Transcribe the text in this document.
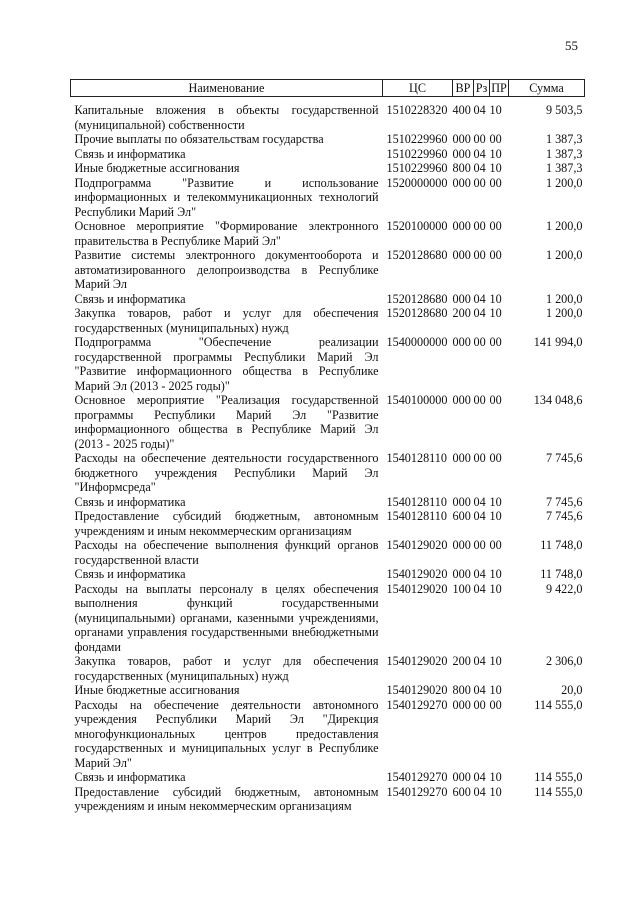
55
Наименование	ЦС	ВР	Рз	ПР	Сумма
Капитальные вложения в объекты государственной (муниципальной) собственности	1510228320	400	04	10	9 503,5
Прочие выплаты по обязательствам государства	1510229960	000	00	00	1 387,3
Связь и информатика	1510229960	000	04	10	1 387,3
Иные бюджетные ассигнования	1510229960	800	04	10	1 387,3
Подпрограмма "Развитие и использование информационных и телекоммуникационных технологий Республики Марий Эл"	1520000000	000	00	00	1 200,0
Основное мероприятие "Формирование электронного правительства в Республике Марий Эл"	1520100000	000	00	00	1 200,0
Развитие системы электронного документооборота и автоматизированного делопроизводства в Республике Марий Эл	1520128680	000	00	00	1 200,0
Связь и информатика	1520128680	000	04	10	1 200,0
Закупка товаров, работ и услуг для обеспечения государственных (муниципальных) нужд	1520128680	200	04	10	1 200,0
Подпрограмма "Обеспечение реализации государственной программы Республики Марий Эл "Развитие информационного общества в Республике Марий Эл (2013 - 2025 годы)"	1540000000	000	00	00	141 994,0
Основное мероприятие "Реализация государственной программы Республики Марий Эл "Развитие информационного общества в Республике Марий Эл (2013 - 2025 годы)"	1540100000	000	00	00	134 048,6
Расходы на обеспечение деятельности государственного бюджетного учреждения Республики Марий Эл "Информсреда"	1540128110	000	00	00	7 745,6
Связь и информатика	1540128110	000	04	10	7 745,6
Предоставление субсидий бюджетным, автономным учреждениям и иным некоммерческим организациям	1540128110	600	04	10	7 745,6
Расходы на обеспечение выполнения функций органов государственной власти	1540129020	000	00	00	11 748,0
Связь и информатика	1540129020	000	04	10	11 748,0
Расходы на выплаты персоналу в целях обеспечения выполнения функций государственными (муниципальными) органами, казенными учреждениями, органами управления государственными внебюджетными фондами	1540129020	100	04	10	9 422,0
Закупка товаров, работ и услуг для обеспечения государственных (муниципальных) нужд	1540129020	200	04	10	2 306,0
Иные бюджетные ассигнования	1540129020	800	04	10	20,0
Расходы на обеспечение деятельности автономного учреждения Республики Марий Эл "Дирекция многофункциональных центров предоставления государственных и муниципальных услуг в Республике Марий Эл"	1540129270	000	00	00	114 555,0
Связь и информатика	1540129270	000	04	10	114 555,0
Предоставление субсидий бюджетным, автономным учреждениям и иным некоммерческим организациям	1540129270	600	04	10	114 555,0
